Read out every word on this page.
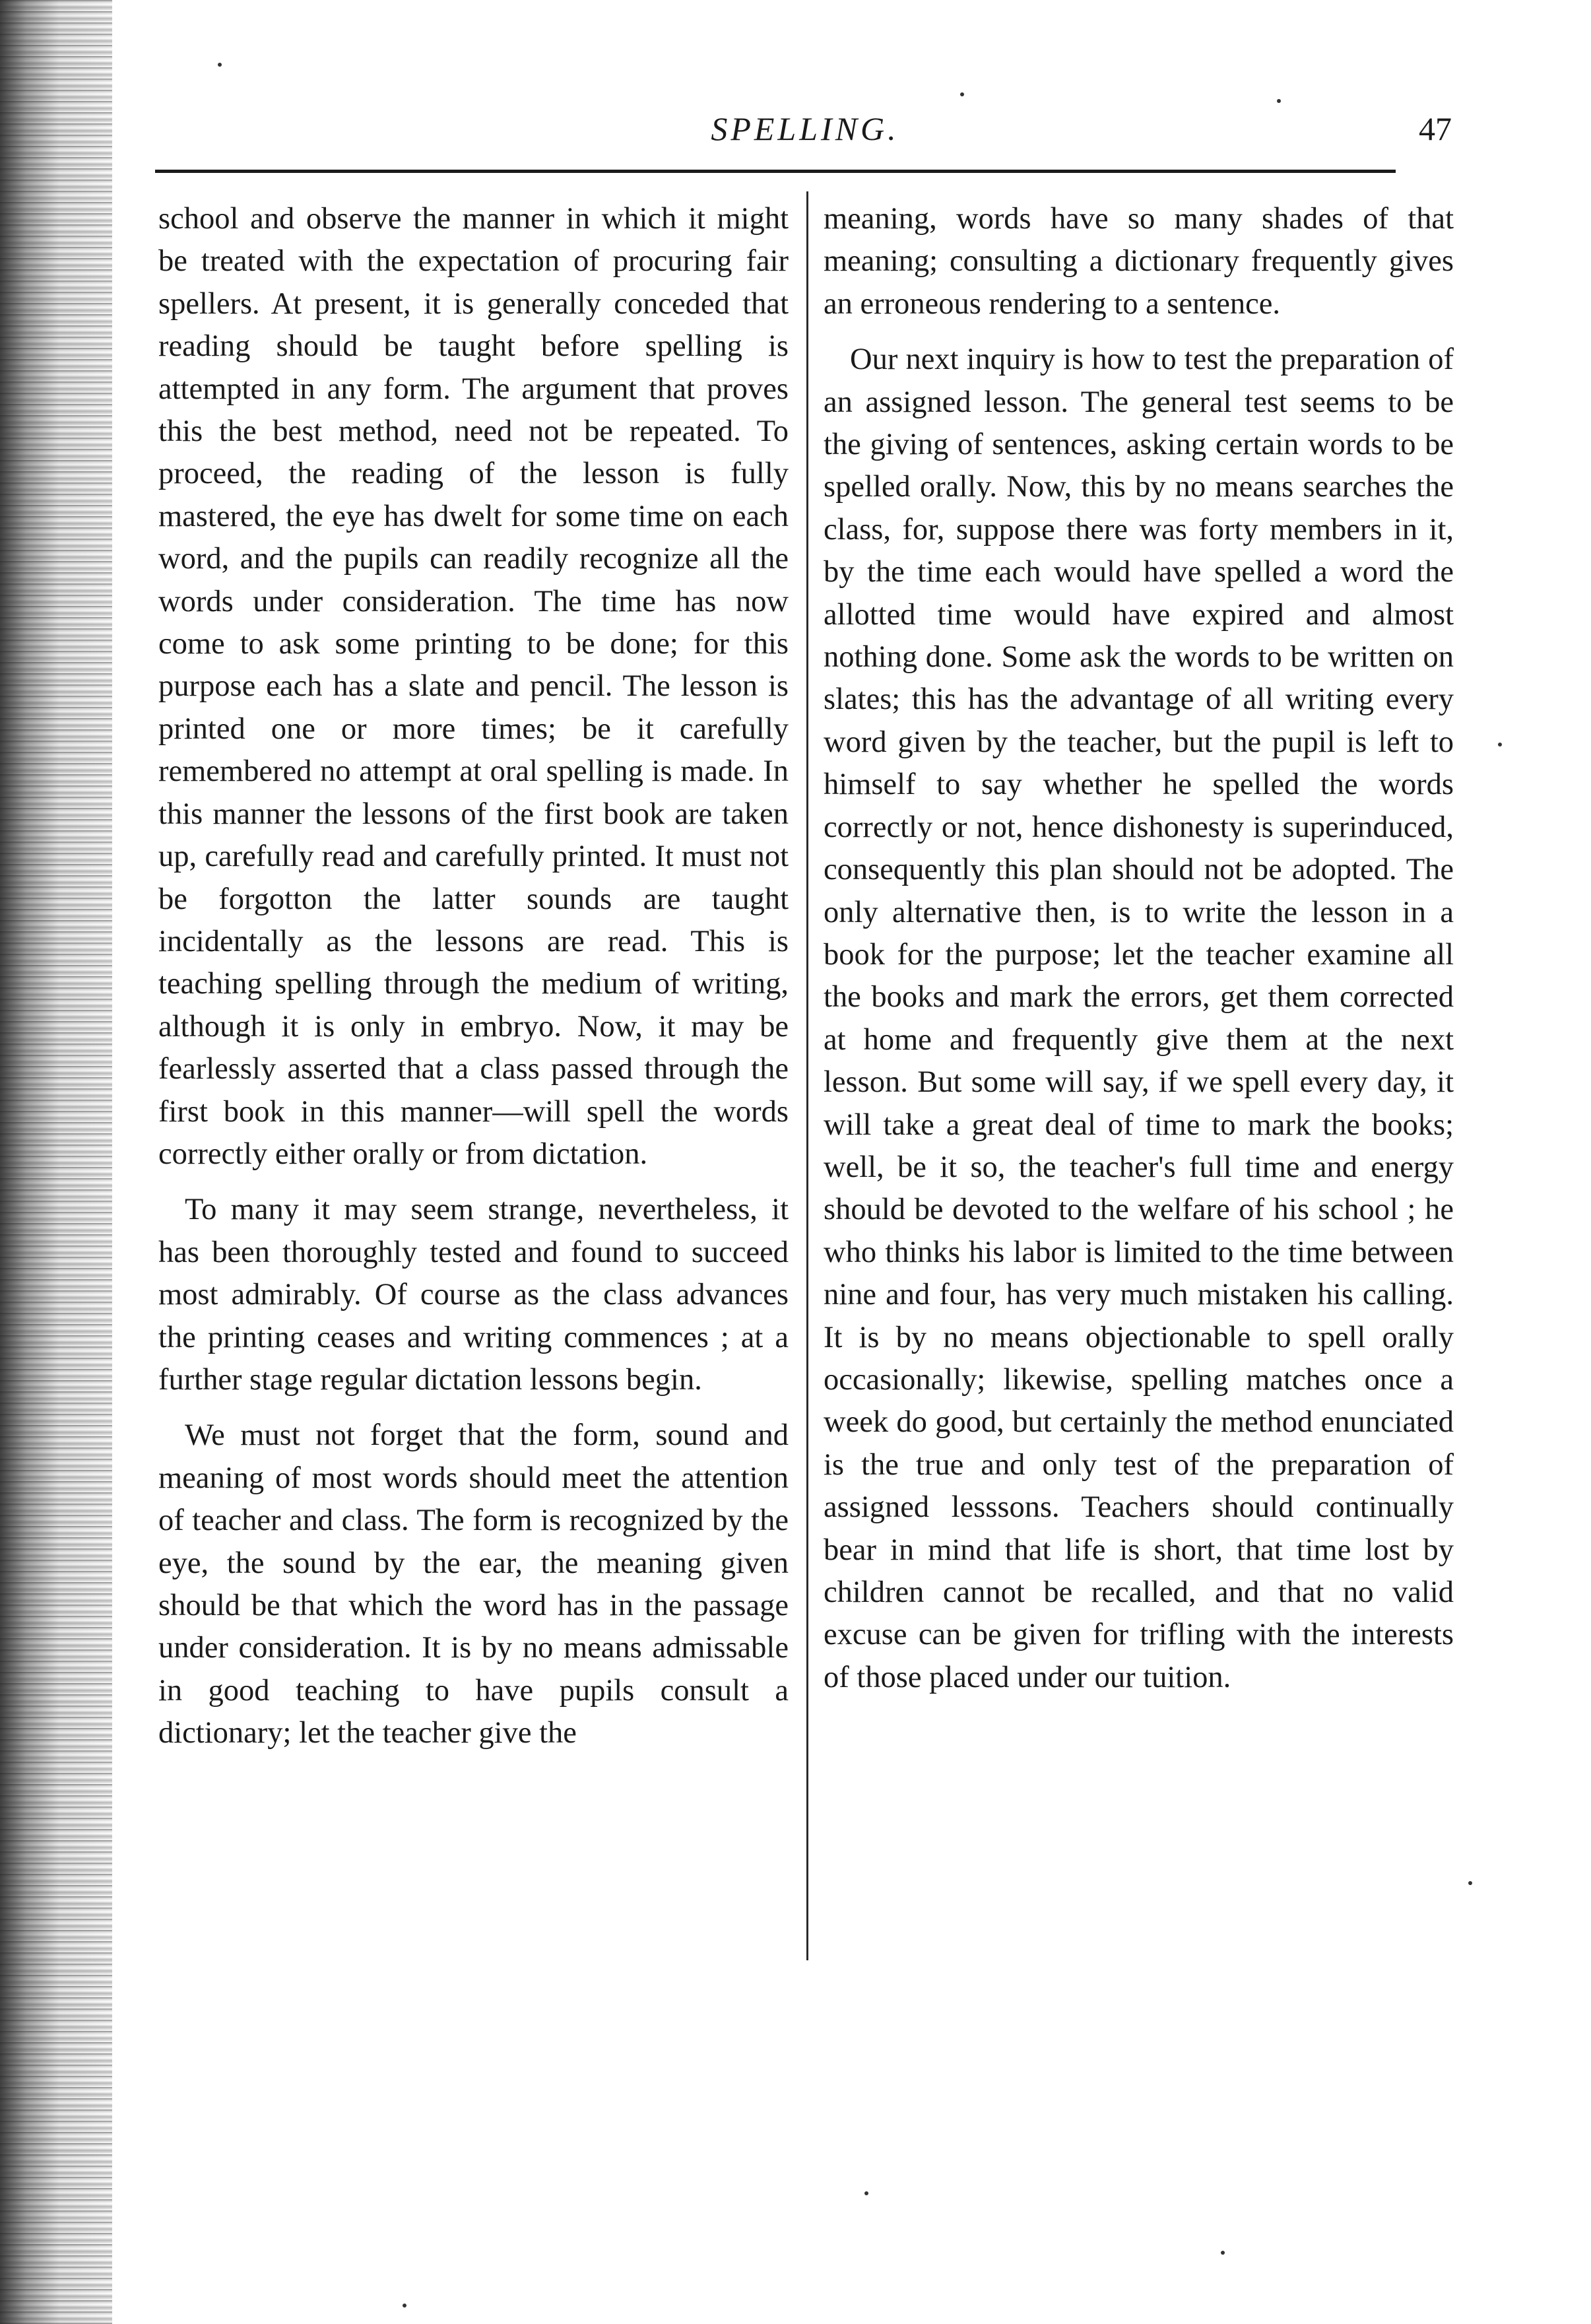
SPELLING.	47

school and observe the manner in which it might be treated with the expectation of procuring fair spellers. At present, it is generally conceded that reading should be taught before spelling is attempted in any form. The argument that proves this the best method, need not be repeated. To proceed, the reading of the lesson is fully mastered, the eye has dwelt for some time on each word, and the pupils can readily recognize all the words under consideration. The time has now come to ask some printing to be done; for this purpose each has a slate and pencil. The lesson is printed one or more times; be it carefully remembered no attempt at oral spelling is made. In this manner the lessons of the first book are taken up, carefully read and carefully printed. It must not be forgotton the latter sounds are taught incidentally as the lessons are read. This is teaching spelling through the medium of writing, although it is only in embryo. Now, it may be fearlessly asserted that a class passed through the first book in this manner—will spell the words correctly either orally or from dictation.

To many it may seem strange, nevertheless, it has been thoroughly tested and found to succeed most admirably. Of course as the class advances the printing ceases and writing commences ; at a further stage regular dictation lessons begin.

We must not forget that the form, sound and meaning of most words should meet the attention of teacher and class. The form is recognized by the eye, the sound by the ear, the meaning given should be that which the word has in the passage under consideration. It is by no means admissable in good teaching to have pupils consult a dictionary; let the teacher give the

meaning, words have so many shades of that meaning; consulting a dictionary frequently gives an erroneous rendering to a sentence.

Our next inquiry is how to test the preparation of an assigned lesson. The general test seems to be the giving of sentences, asking certain words to be spelled orally. Now, this by no means searches the class, for, suppose there was forty members in it, by the time each would have spelled a word the allotted time would have expired and almost nothing done. Some ask the words to be written on slates; this has the advantage of all writing every word given by the teacher, but the pupil is left to himself to say whether he spelled the words correctly or not, hence dishonesty is superinduced, consequently this plan should not be adopted. The only alternative then, is to write the lesson in a book for the purpose; let the teacher examine all the books and mark the errors, get them corrected at home and frequently give them at the next lesson. But some will say, if we spell every day, it will take a great deal of time to mark the books; well, be it so, the teacher's full time and energy should be devoted to the welfare of his school ; he who thinks his labor is limited to the time between nine and four, has very much mistaken his calling. It is by no means objectionable to spell orally occasionally; likewise, spelling matches once a week do good, but certainly the method enunciated is the true and only test of the preparation of assigned lesssons. Teachers should continually bear in mind that life is short, that time lost by children cannot be recalled, and that no valid excuse can be given for trifling with the interests of those placed under our tuition.
